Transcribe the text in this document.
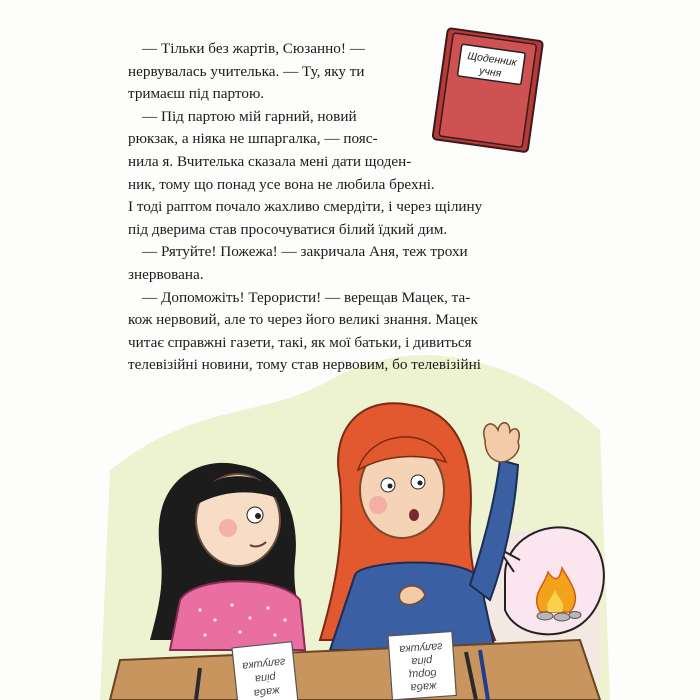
Щоденник
учня
жаба
ріпа
галушка
жаба
борщ
ріпа
галушка
— Тільки без жартів, Сюзанно! —
нервувалась учителька. — Ту, яку ти
тримаєш під партою.
— Під партою мій гарний, новий
рюкзак, а ніяка не шпаргалка, — пояс-
нила я. Вчителька сказала мені дати щоден-
ник, тому що понад усе вона не любила брехні.
І тоді раптом почало жахливо смердіти, і через щілину
під дверима став просочуватися білий їдкий дим.
— Рятуйте! Пожежа! — закричала Аня, теж трохи
знервована.
— Допоможіть! Терористи! — верещав Мацек, та-
кож нервовий, але то через його великі знання. Мацек
читає справжні газети, такі, як мої батьки, і дивиться
телевізійні новини, тому став нервовим, бо телевізійні
